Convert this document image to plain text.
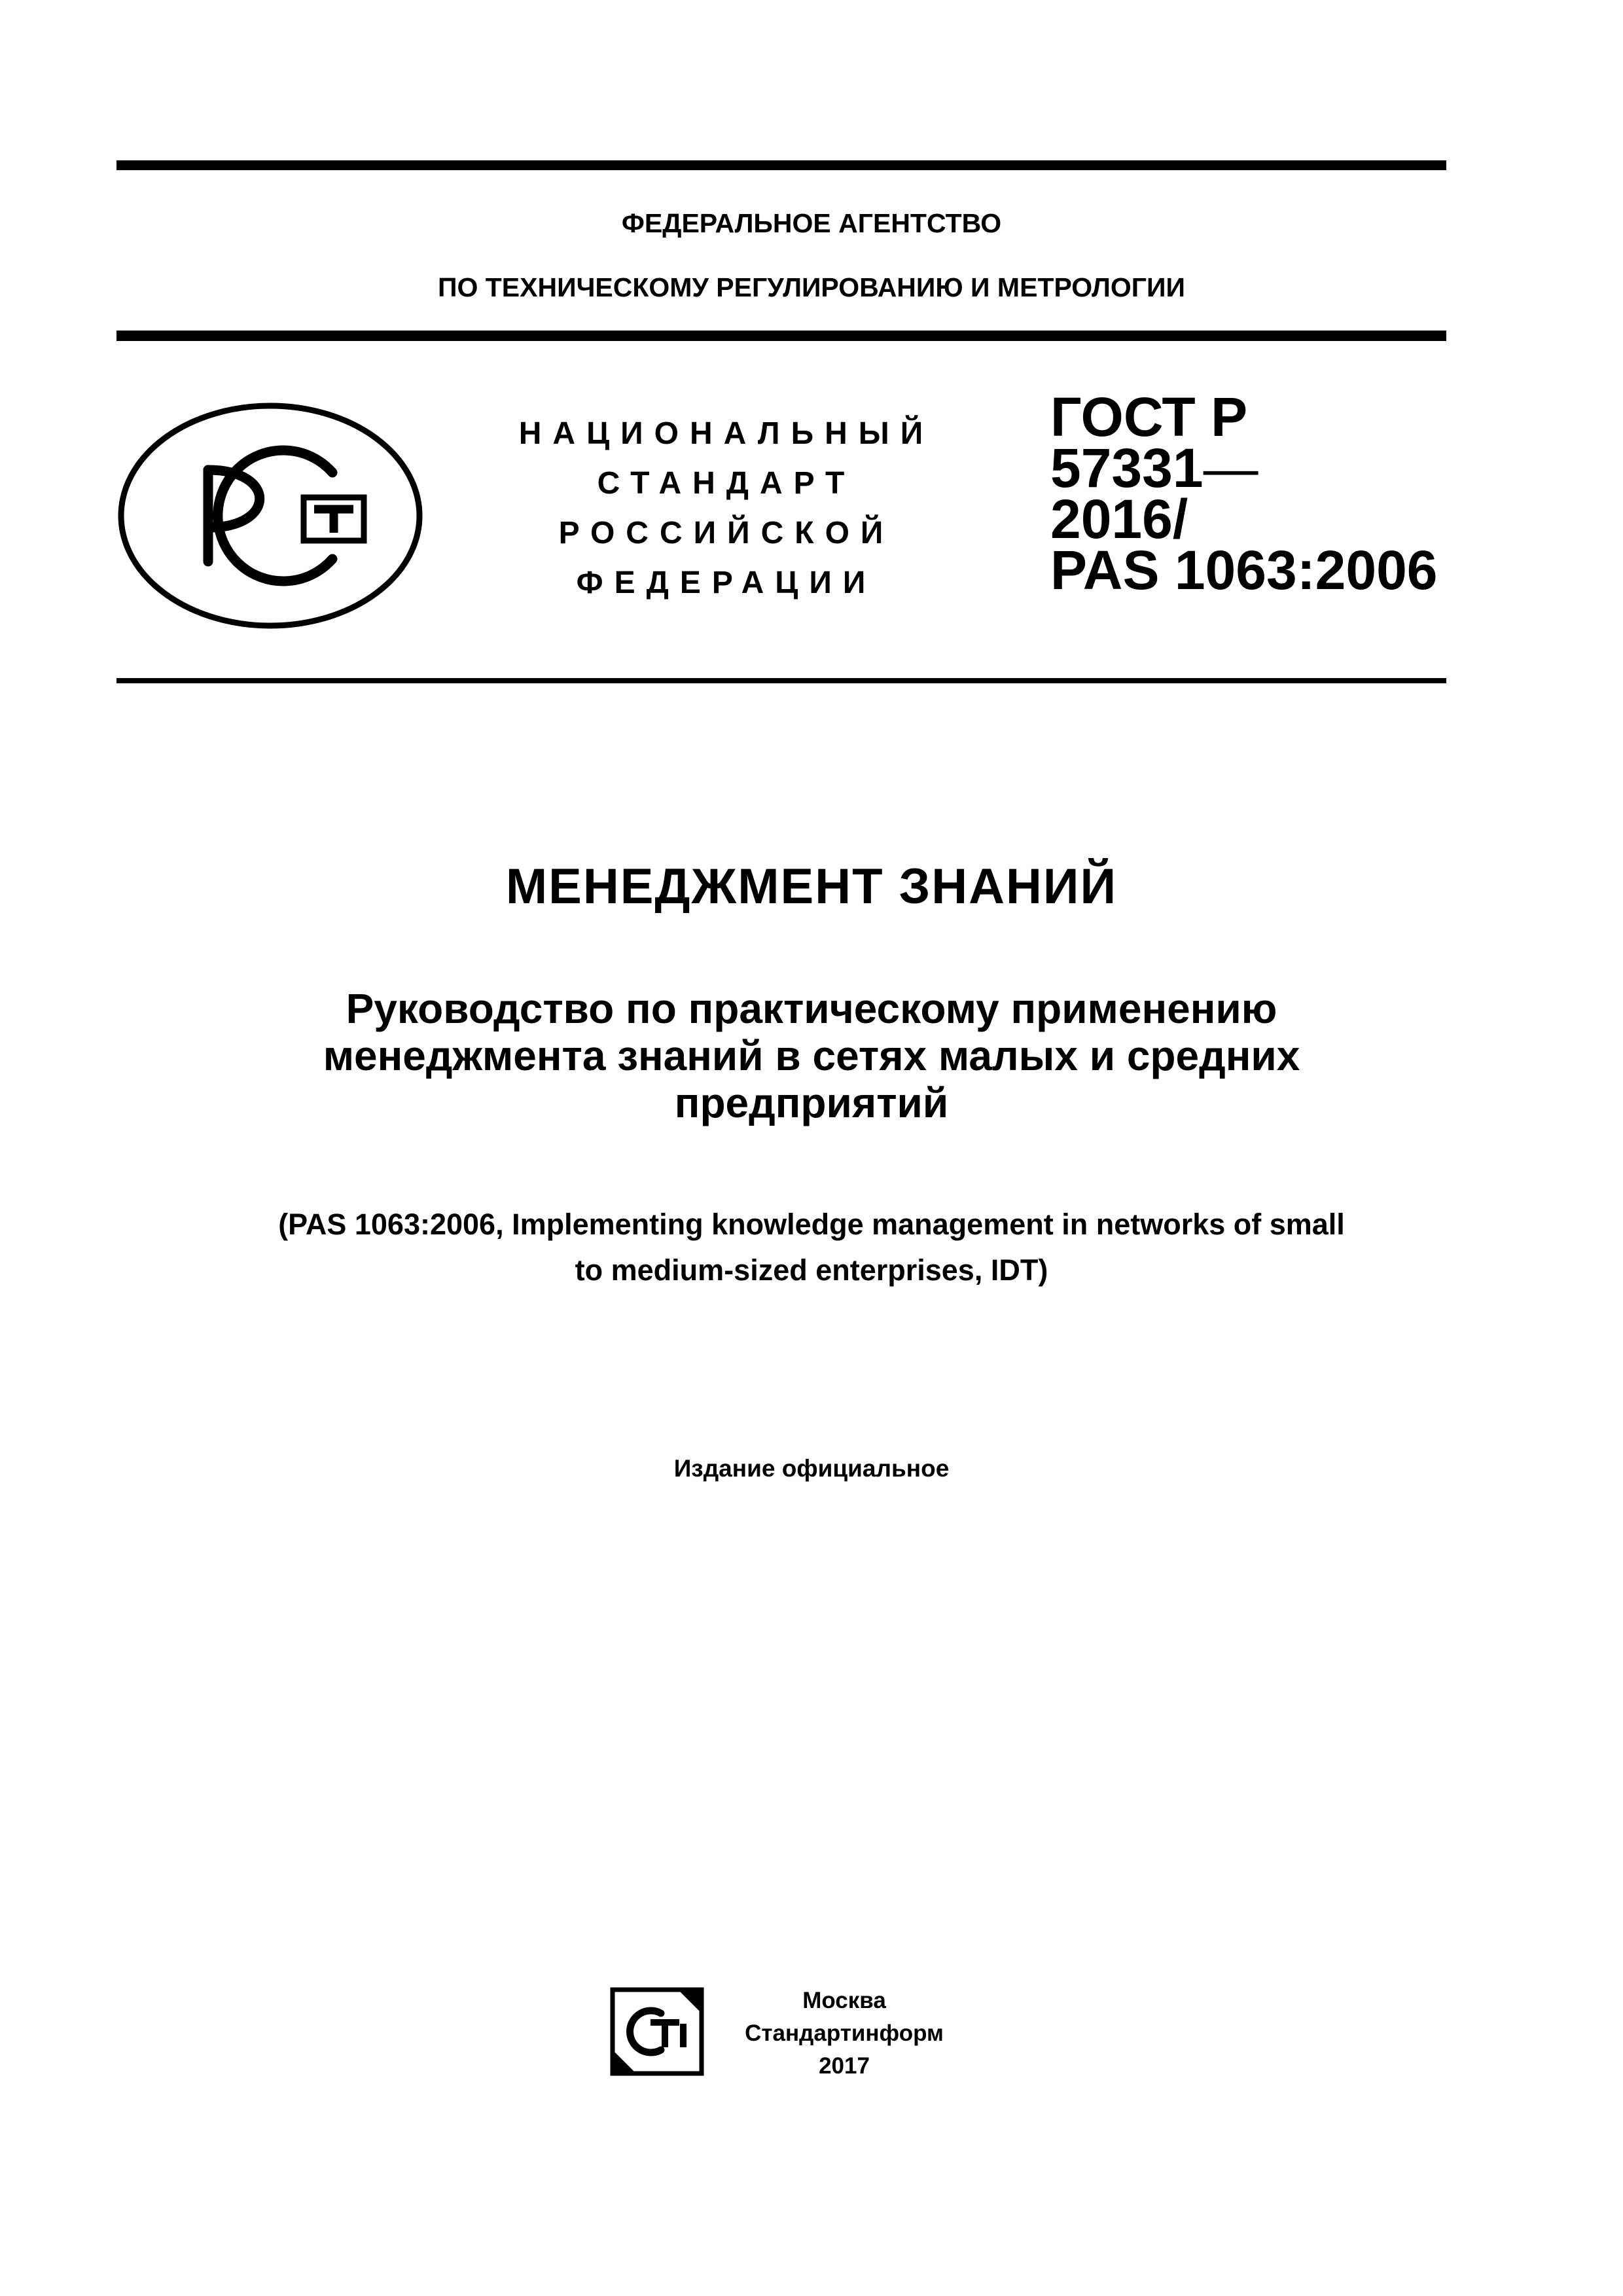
ФЕДЕРАЛЬНОЕ АГЕНТСТВО
ПО ТЕХНИЧЕСКОМУ РЕГУЛИРОВАНИЮ И МЕТРОЛОГИИ
НАЦИОНАЛЬНЫЙ
СТАНДАРТ
РОССИЙСКОЙ
ФЕДЕРАЦИИ
ГОСТ Р
57331—
2016/
PAS 1063:2006
МЕНЕДЖМЕНТ ЗНАНИЙ
Руководство по практическому применению
менеджмента знаний в сетях малых и средних
предприятий
(PAS 1063:2006, Implementing knowledge management in networks of small
to medium-sized enterprises, IDT)
Издание официальное
Москва
Стандартинформ
2017
